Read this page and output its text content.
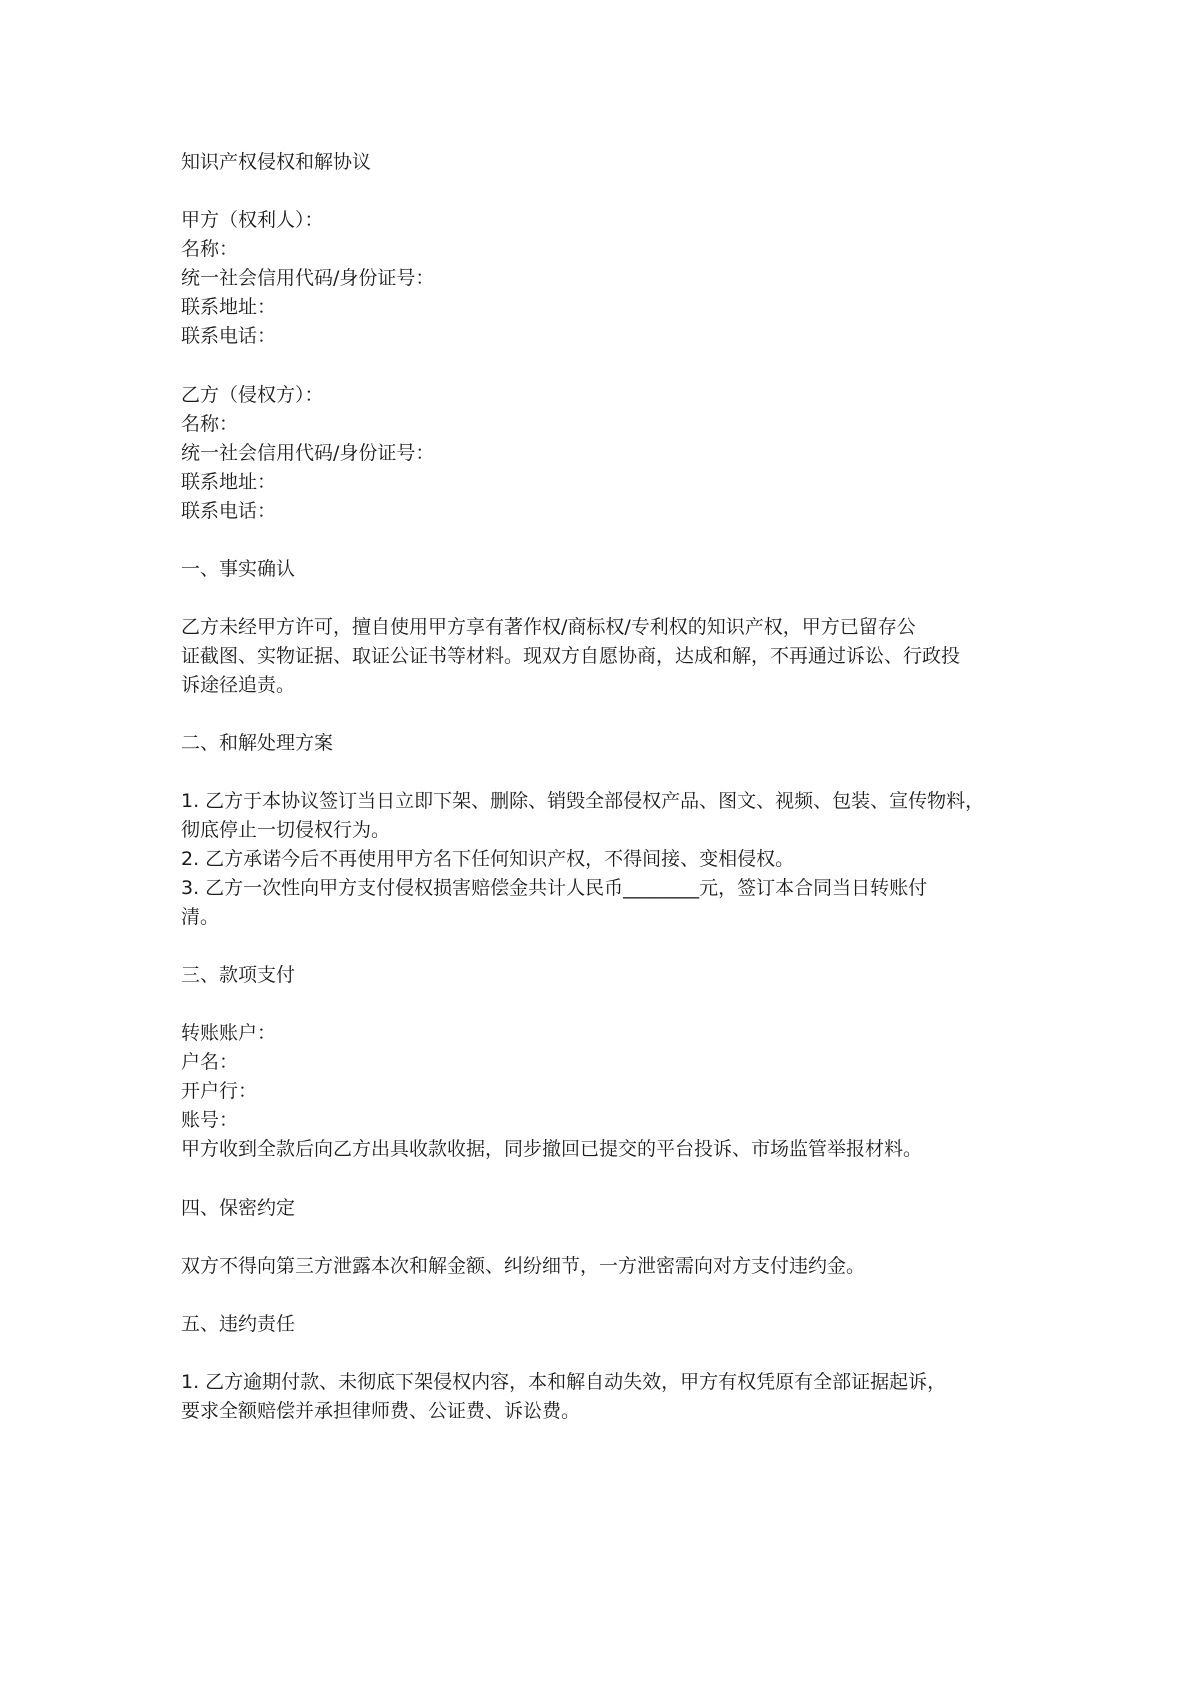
知识产权侵权和解协议
甲方（权利人）：
名称：
统一社会信用代码/身份证号：
联系地址：
联系电话：
乙方（侵权方）：
名称：
统一社会信用代码/身份证号：
联系地址：
联系电话：
一、事实确认
乙方未经甲方许可，擅自使用甲方享有著作权/商标权/专利权的知识产权，甲方已留存公
证截图、实物证据、取证公证书等材料。现双方自愿协商，达成和解，不再通过诉讼、行政投
诉途径追责。
二、和解处理方案
1. 乙方于本协议签订当日立即下架、删除、销毁全部侵权产品、图文、视频、包装、宣传物料，
彻底停止一切侵权行为。
2. 乙方承诺今后不再使用甲方名下任何知识产权，不得间接、变相侵权。
3. 乙方一次性向甲方支付侵权损害赔偿金共计人民币________元，签订本合同当日转账付
清。
三、款项支付
转账账户：
户名：
开户行：
账号：
甲方收到全款后向乙方出具收款收据，同步撤回已提交的平台投诉、市场监管举报材料。
四、保密约定
双方不得向第三方泄露本次和解金额、纠纷细节，一方泄密需向对方支付违约金。
五、违约责任
1. 乙方逾期付款、未彻底下架侵权内容，本和解自动失效，甲方有权凭原有全部证据起诉，
要求全额赔偿并承担律师费、公证费、诉讼费。
